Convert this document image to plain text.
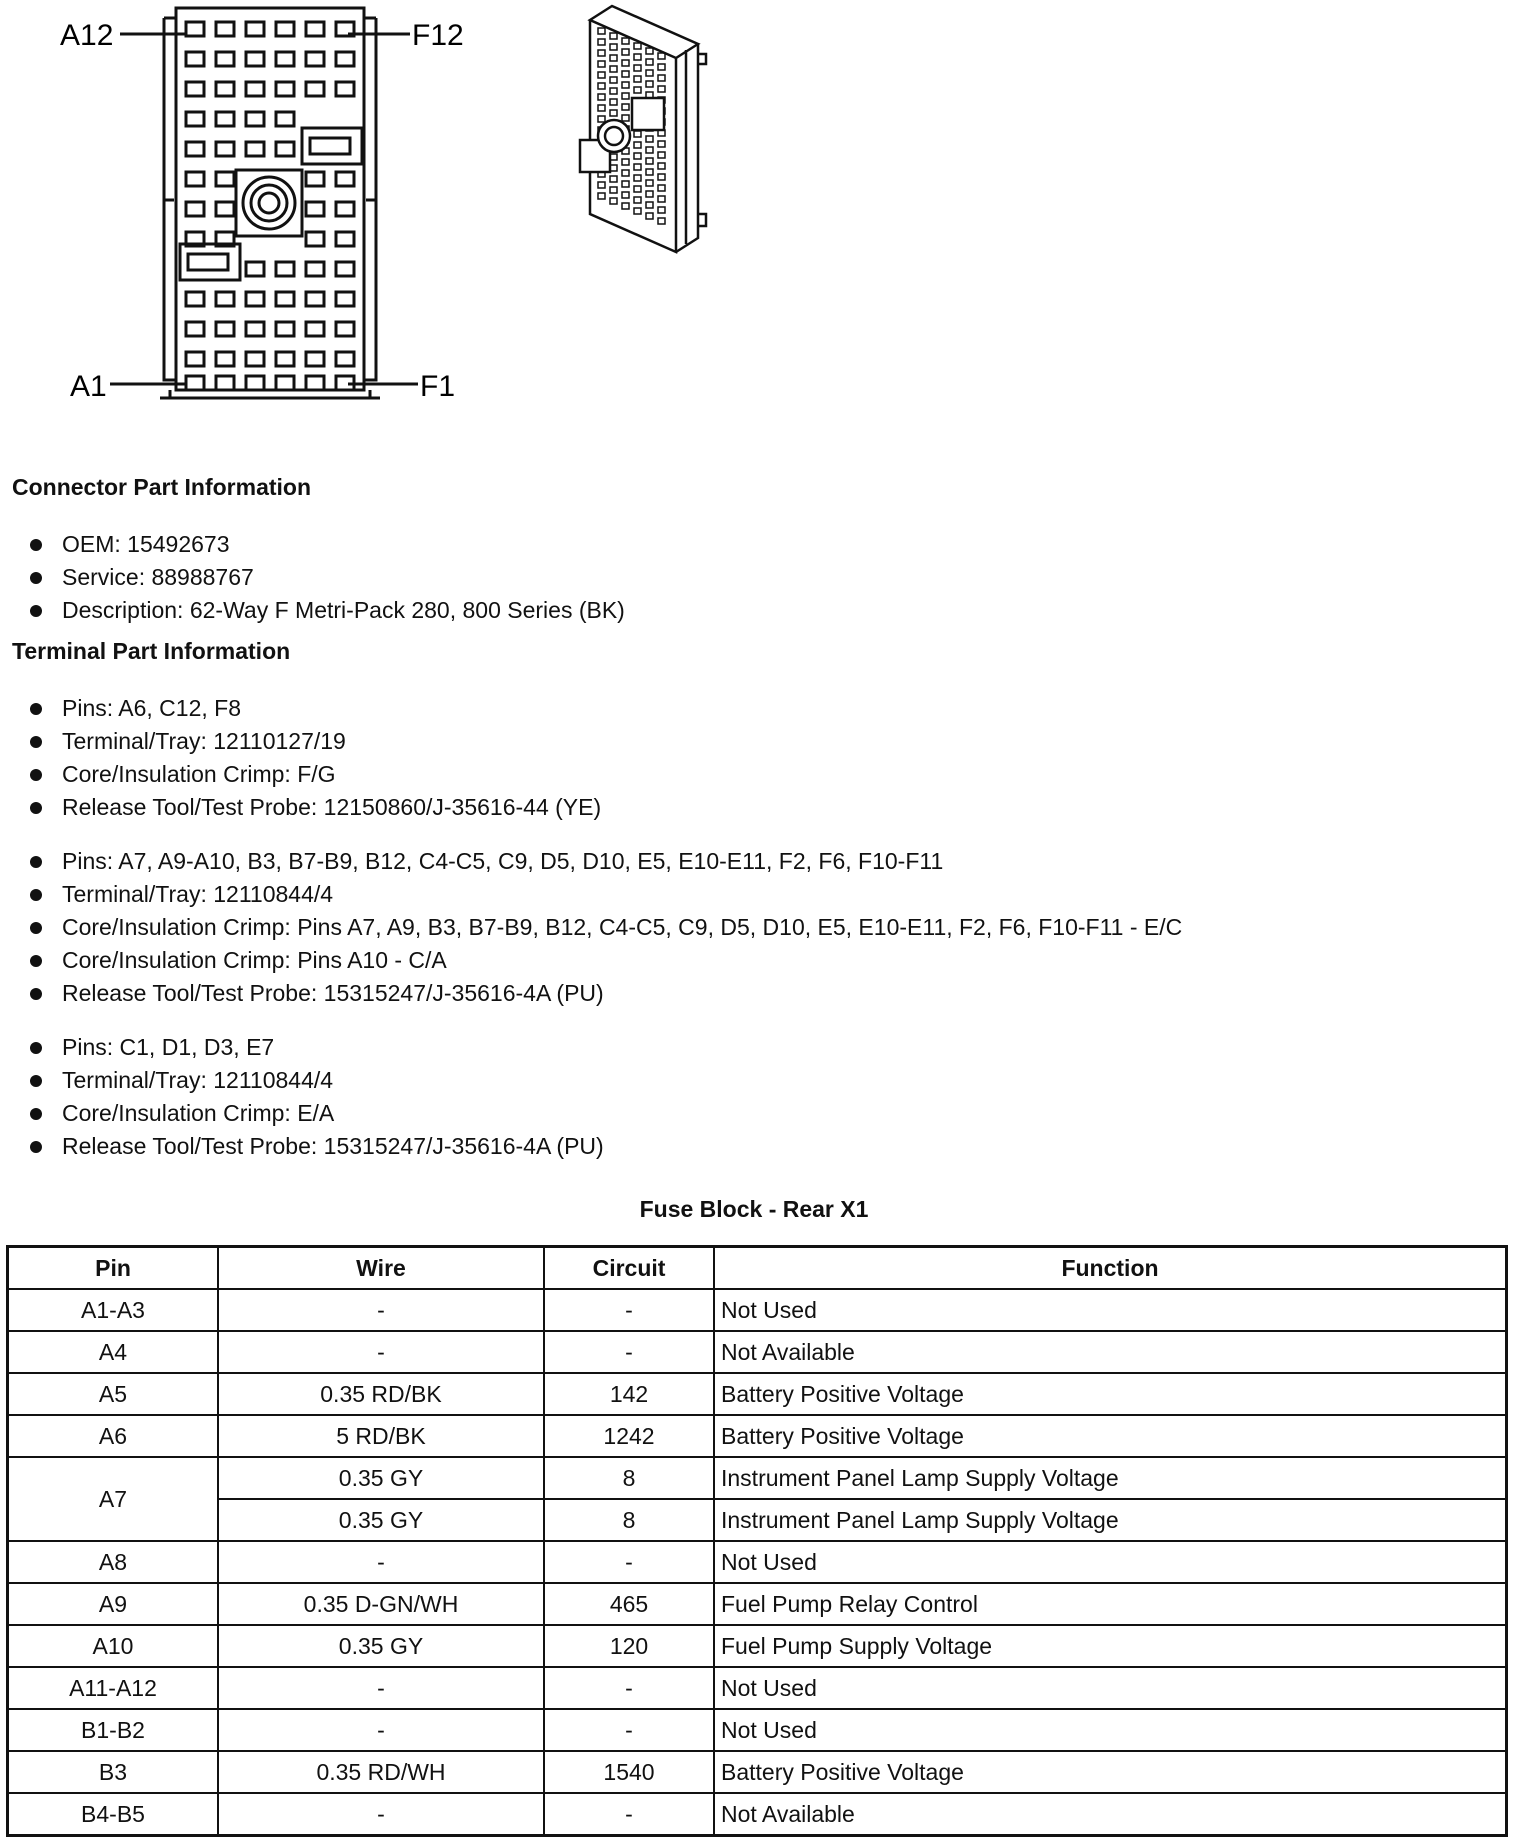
A12	F12
A1	F1
Connector Part Information
OEM: 15492673
Service: 88988767
Description: 62-Way F Metri-Pack 280, 800 Series (BK)
Terminal Part Information
Pins: A6, C12, F8
Terminal/Tray: 12110127/19
Core/Insulation Crimp: F/G
Release Tool/Test Probe: 12150860/J-35616-44 (YE)
Pins: A7, A9-A10, B3, B7-B9, B12, C4-C5, C9, D5, D10, E5, E10-E11, F2, F6, F10-F11
Terminal/Tray: 12110844/4
Core/Insulation Crimp: Pins A7, A9, B3, B7-B9, B12, C4-C5, C9, D5, D10, E5, E10-E11, F2, F6, F10-F11 - E/C
Core/Insulation Crimp: Pins A10 - C/A
Release Tool/Test Probe: 15315247/J-35616-4A (PU)
Pins: C1, D1, D3, E7
Terminal/Tray: 12110844/4
Core/Insulation Crimp: E/A
Release Tool/Test Probe: 15315247/J-35616-4A (PU)
Fuse Block - Rear X1
Pin	Wire	Circuit	Function
A1-A3	-	-	Not Used
A4	-	-	Not Available
A5	0.35 RD/BK	142	Battery Positive Voltage
A6	5 RD/BK	1242	Battery Positive Voltage
A7	0.35 GY	8	Instrument Panel Lamp Supply Voltage
	0.35 GY	8	Instrument Panel Lamp Supply Voltage
A8	-	-	Not Used
A9	0.35 D-GN/WH	465	Fuel Pump Relay Control
A10	0.35 GY	120	Fuel Pump Supply Voltage
A11-A12	-	-	Not Used
B1-B2	-	-	Not Used
B3	0.35 RD/WH	1540	Battery Positive Voltage
B4-B5	-	-	Not Available
